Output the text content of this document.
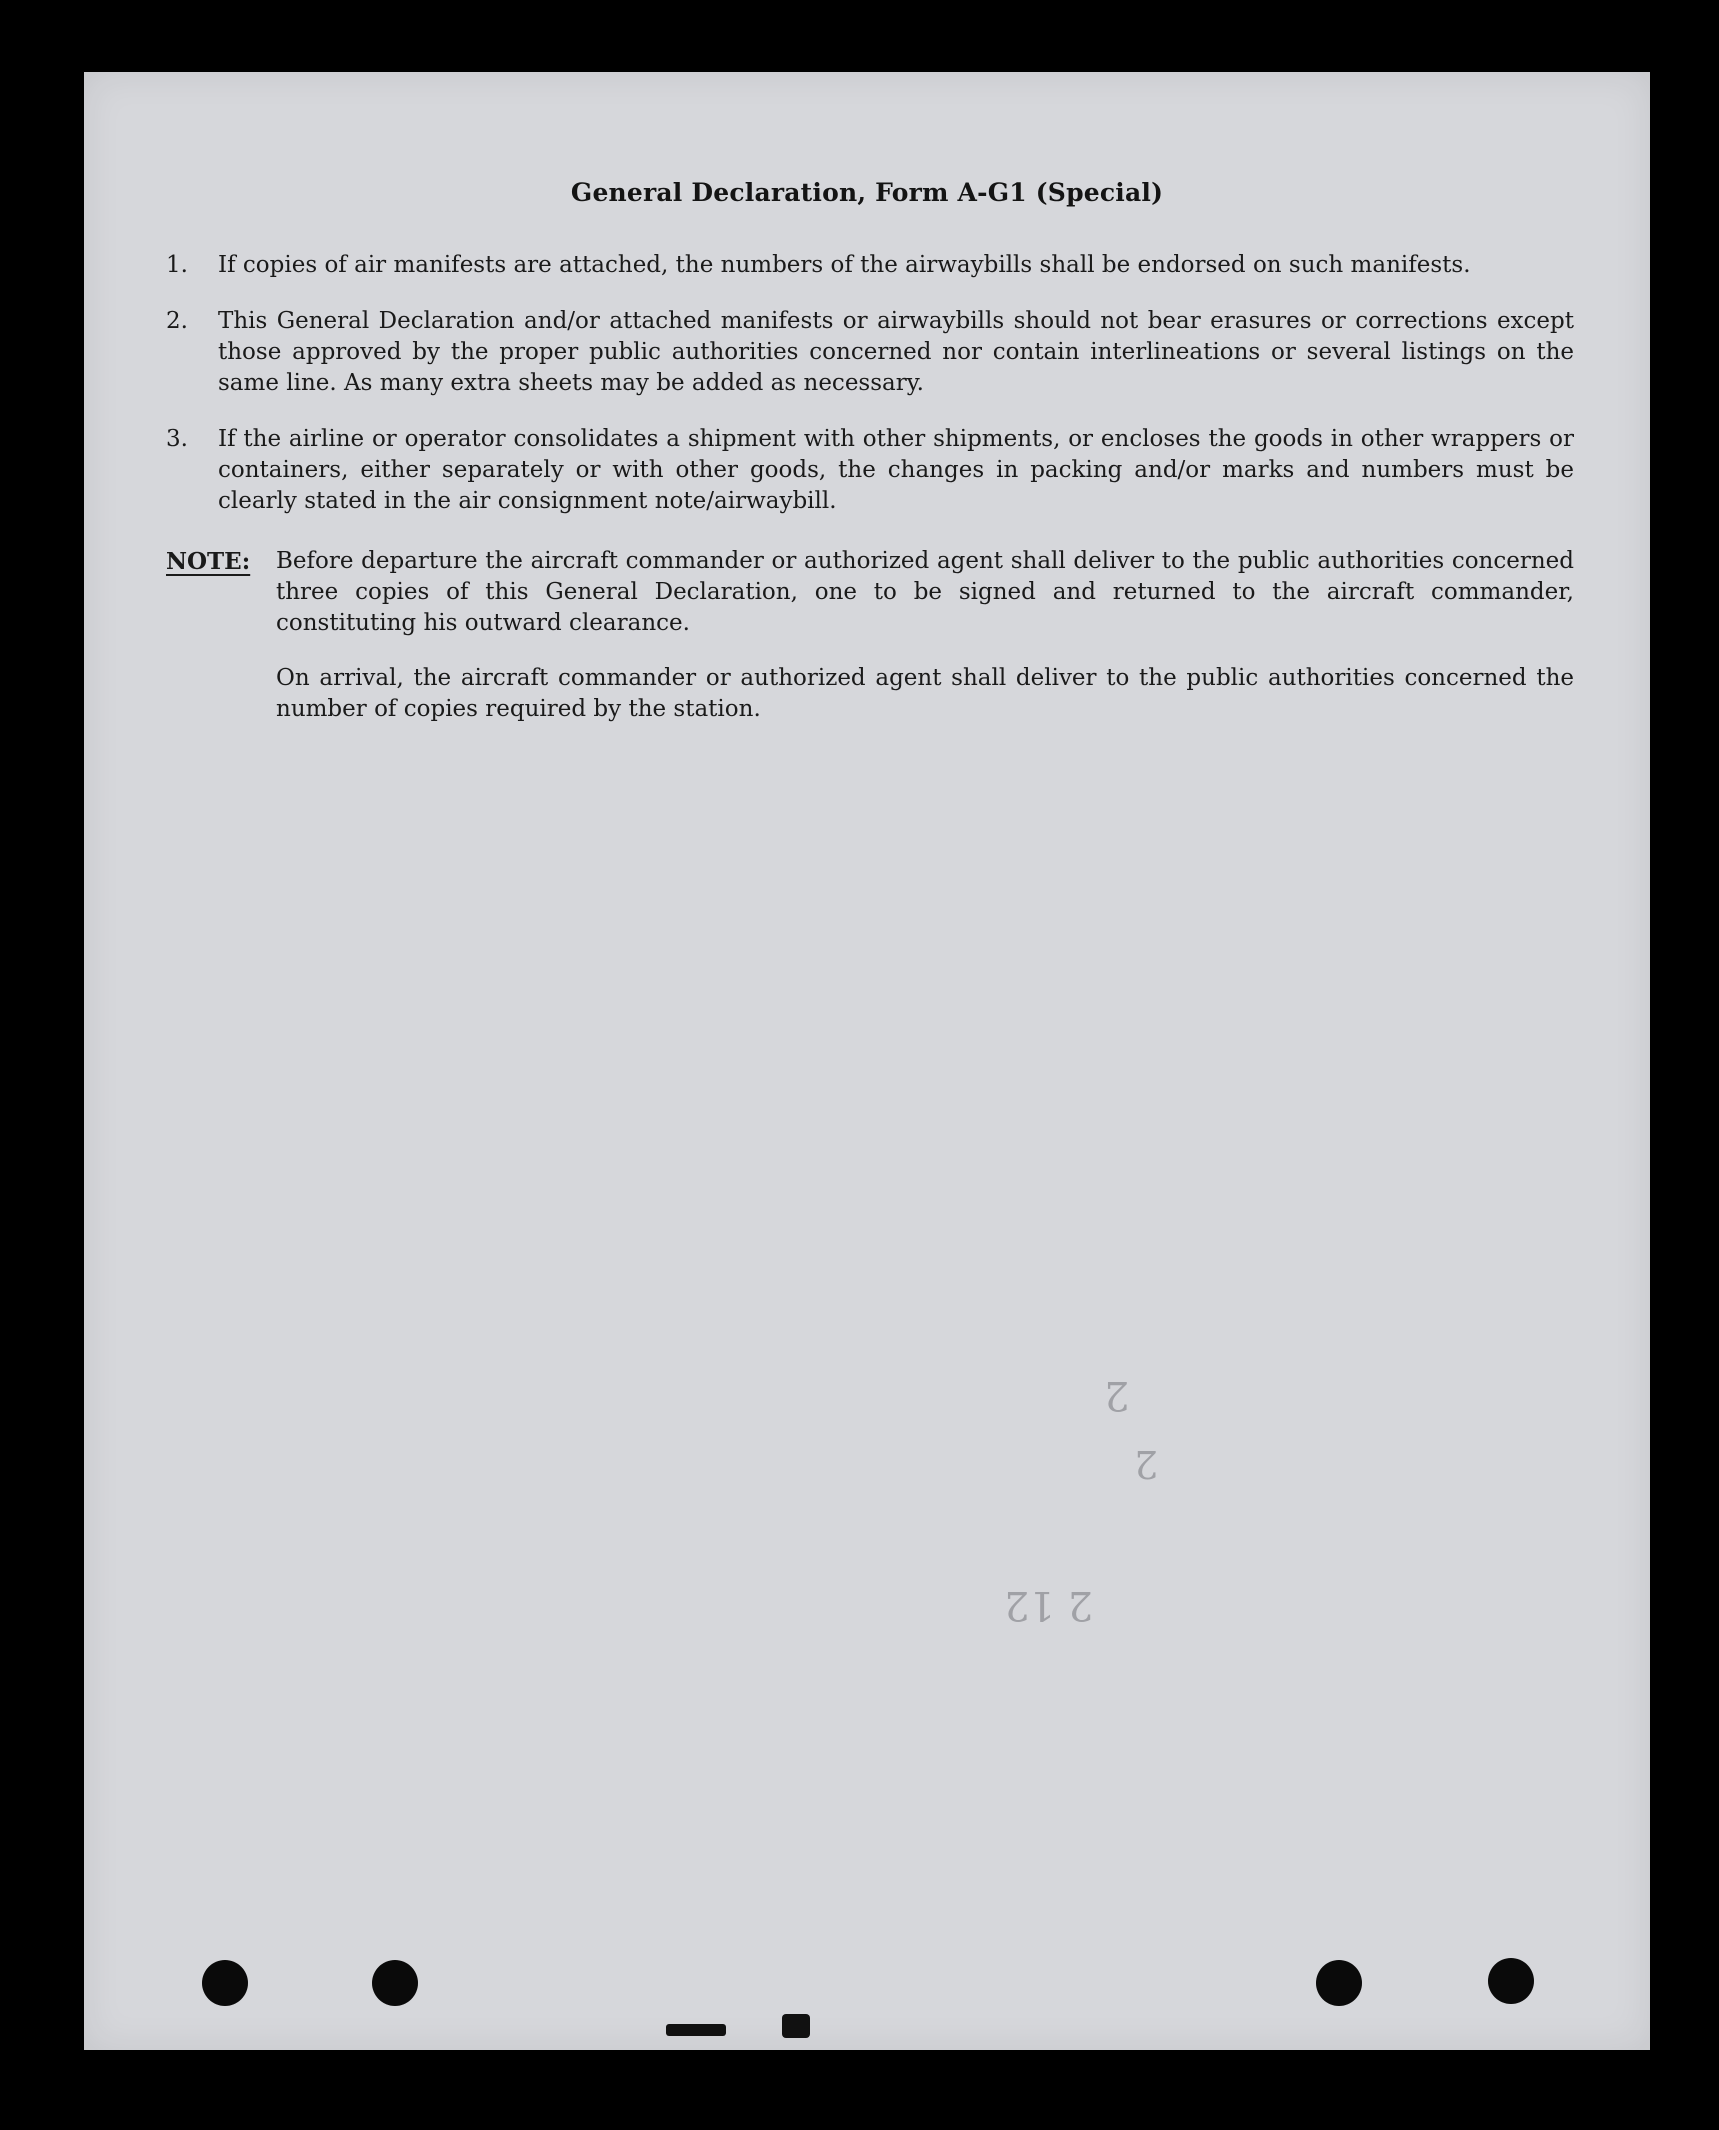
General Declaration, Form A-G1 (Special)
1.	If copies of air manifests are attached, the numbers of the airwaybills shall be endorsed on such manifests.
2.	This General Declaration and/or attached manifests or airwaybills should not bear erasures or corrections except those approved by the proper public authorities concerned nor contain interlineations or several listings on the same line. As many extra sheets may be added as necessary.
3.	If the airline or operator consolidates a shipment with other shipments, or encloses the goods in other wrappers or containers, either separately or with other goods, the changes in packing and/or marks and numbers must be clearly stated in the air consignment note/airwaybill.
NOTE: Before departure the aircraft commander or authorized agent shall deliver to the public authorities concerned three copies of this General Declaration, one to be signed and returned to the aircraft commander, constituting his outward clearance.
On arrival, the aircraft commander or authorized agent shall deliver to the public authorities concerned the number of copies required by the station.
2
2
2 12
